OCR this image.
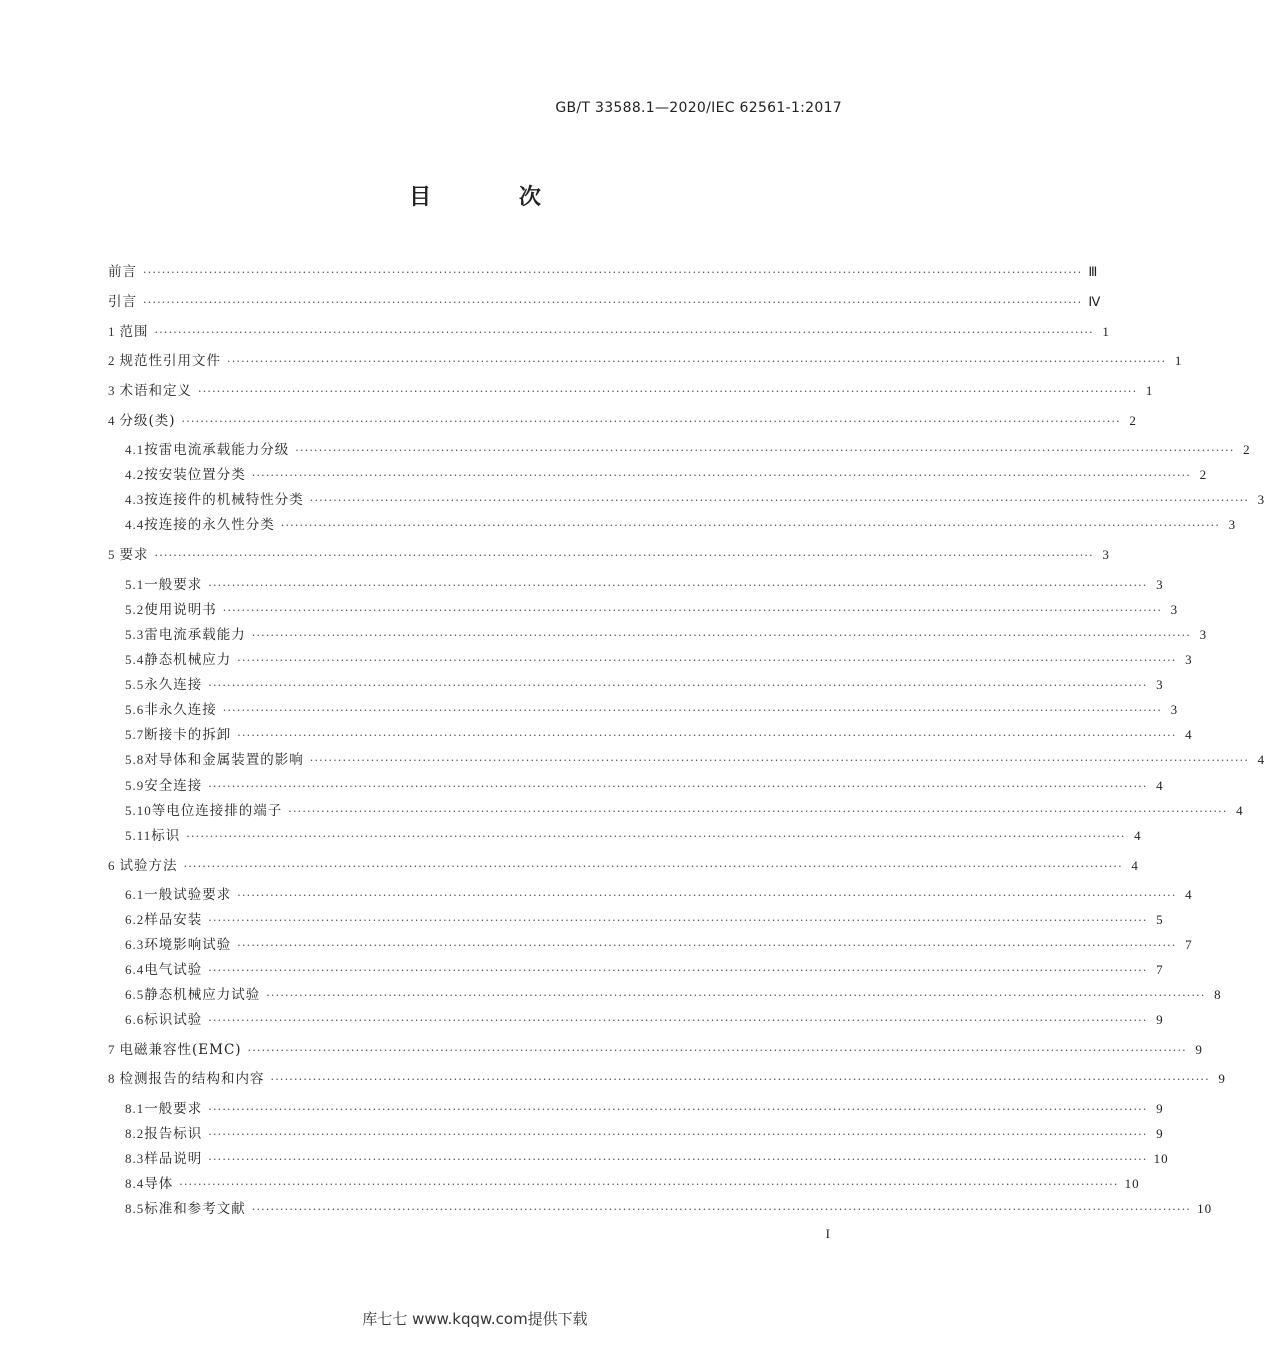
GB/T 33588.1—2020/IEC 62561-1:2017
目 次
前言 ········································································································································································································ Ⅲ
引言 ········································································································································································································ Ⅳ
1 范围 ········································································································································································································ 1
2 规范性引用文件 ········································································································································································································ 1
3 术语和定义 ········································································································································································································ 1
4 分级(类) ········································································································································································································ 2
4.1 按雷电流承载能力分级 ········································································································································································································ 2
4.2 按安装位置分类 ········································································································································································································ 2
4.3 按连接件的机械特性分类 ········································································································································································································ 3
4.4 按连接的永久性分类 ········································································································································································································ 3
5 要求 ········································································································································································································ 3
5.1 一般要求 ········································································································································································································ 3
5.2 使用说明书 ········································································································································································································ 3
5.3 雷电流承载能力 ········································································································································································································ 3
5.4 静态机械应力 ········································································································································································································ 3
5.5 永久连接 ········································································································································································································ 3
5.6 非永久连接 ········································································································································································································ 3
5.7 断接卡的拆卸 ········································································································································································································ 4
5.8 对导体和金属装置的影响 ········································································································································································································ 4
5.9 安全连接 ········································································································································································································ 4
5.10 等电位连接排的端子 ········································································································································································································ 4
5.11 标识 ········································································································································································································ 4
6 试验方法 ········································································································································································································ 4
6.1 一般试验要求 ········································································································································································································ 4
6.2 样品安装 ········································································································································································································ 5
6.3 环境影响试验 ········································································································································································································ 7
6.4 电气试验 ········································································································································································································ 7
6.5 静态机械应力试验 ········································································································································································································ 8
6.6 标识试验 ········································································································································································································ 9
7 电磁兼容性(EMC) ········································································································································································································ 9
8 检测报告的结构和内容 ········································································································································································································ 9
8.1 一般要求 ········································································································································································································ 9
8.2 报告标识 ········································································································································································································ 9
8.3 样品说明 ········································································································································································································ 10
8.4 导体 ········································································································································································································ 10
8.5 标准和参考文献 ········································································································································································································ 10
I
库七七 www.kqqw.com提供下载
